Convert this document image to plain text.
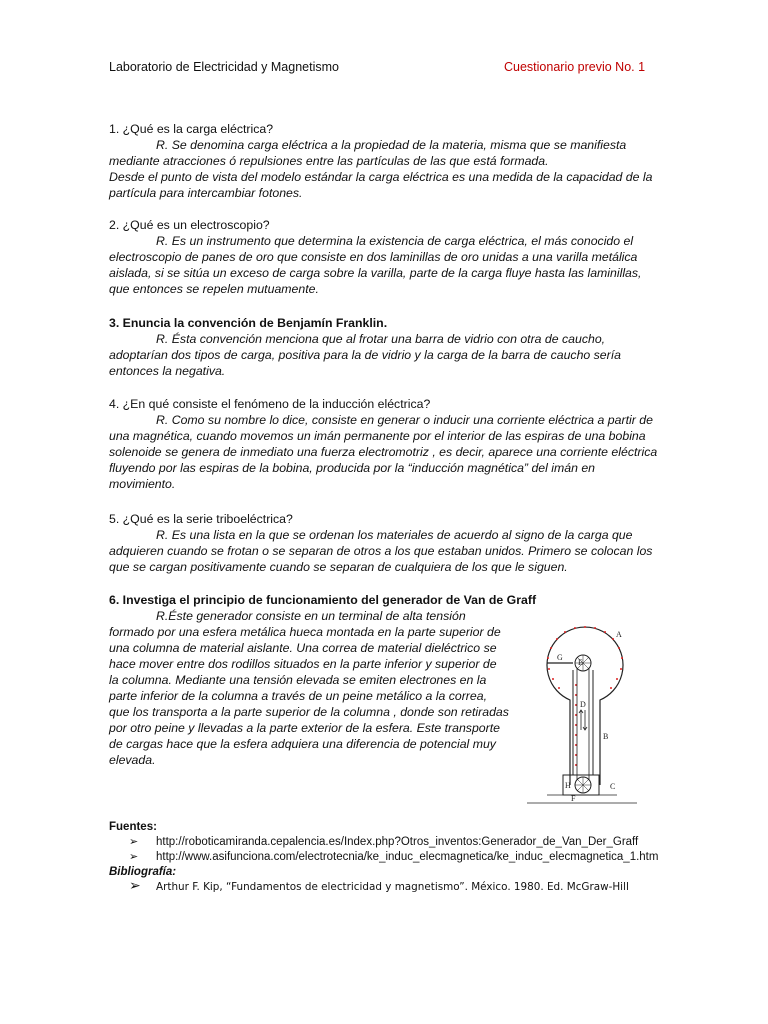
Laboratorio de Electricidad y Magnetismo	Cuestionario previo No. 1
1. ¿Qué es la carga eléctrica?
R. Se denomina carga eléctrica a la propiedad de la materia, misma que se manifiesta mediante atracciones ó repulsiones entre las partículas de las que está formada.
Desde el punto de vista del modelo estándar la carga eléctrica es una medida de la capacidad de la partícula para intercambiar fotones.
2. ¿Qué es un electroscopio?
R. Es un instrumento que determina la existencia de carga eléctrica, el más conocido el electroscopio de panes de oro que consiste en dos laminillas de oro unidas a una varilla metálica aislada, si se sitúa un exceso de carga sobre la varilla, parte de la carga fluye hasta las laminillas, que entonces se repelen mutuamente.
3. Enuncia la convención de Benjamín Franklin.
R. Ésta convención menciona que al frotar una barra de vidrio con otra de caucho, adoptarían dos tipos de carga, positiva para la de vidrio y la carga de la barra de caucho sería entonces la negativa.
4. ¿En qué consiste el fenómeno de la inducción eléctrica?
R. Como su nombre lo dice, consiste en generar o inducir una corriente eléctrica a partir de una magnética, cuando movemos un imán permanente por el interior de las espiras de una bobina solenoide se genera de inmediato una fuerza electromotriz , es decir, aparece una corriente eléctrica fluyendo por las espiras de la bobina, producida por la “inducción magnética” del imán en movimiento.
5. ¿Qué es la serie triboeléctrica?
R. Es una lista en la que se ordenan los materiales de acuerdo al signo de la carga que adquieren cuando se frotan o se separan de otros a los que estaban unidos. Primero se colocan los que se cargan positivamente cuando se separan de cualquiera de los que le siguen.
6. Investiga el principio de funcionamiento del generador de Van de Graff
R.Éste generador consiste en un terminal de alta tensión formado por una esfera metálica hueca montada en la parte superior de una columna de material aislante. Una correa de material dieléctrico se hace mover entre dos rodillos situados en la parte inferior y superior de la columna. Mediante una tensión elevada se emiten electrones en la parte inferior de la columna a través de un peine metálico a la correa, que los transporta a la parte superior de la columna , donde son retiradas por otro peine y llevadas a la parte exterior de la esfera. Este transporte de cargas hace que la esfera adquiera una diferencia de potencial muy elevada.
A
B
C
D
E
F
G
H
Fuentes:
➢ http://roboticamiranda.cepalencia.es/Index.php?Otros_inventos:Generador_de_Van_Der_Graff
➢ http://www.asifunciona.com/electrotecnia/ke_induc_elecmagnetica/ke_induc_elecmagnetica_1.htm
Bibliografía:
➢ Arthur F. Kip, “Fundamentos de electricidad y magnetismo”. México. 1980. Ed. McGraw-Hill
